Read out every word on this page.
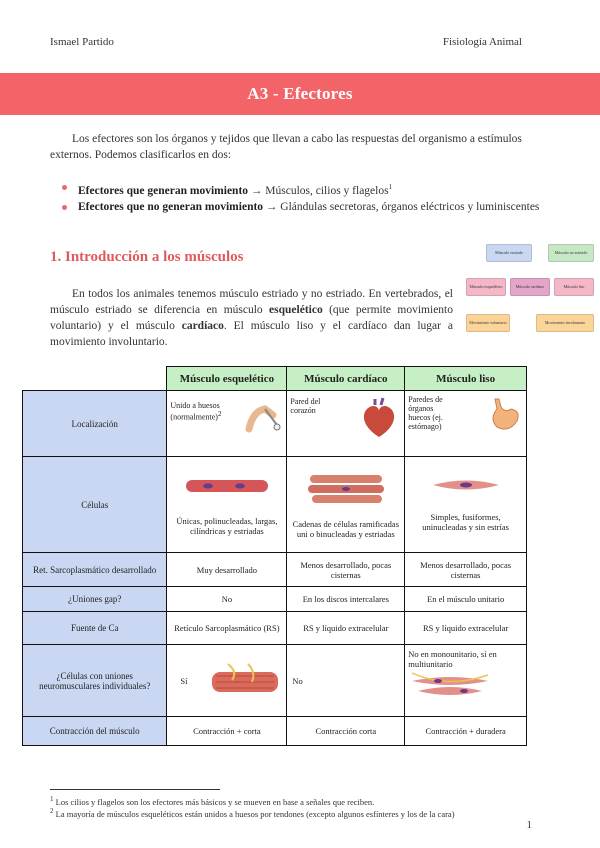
Ismael Partido	Fisiología Animal
A3 - Efectores

Los efectores son los órganos y tejidos que llevan a cabo las respuestas del organismo a estímulos externos. Podemos clasificarlos en dos:

Efectores que generan movimiento → Músculos, cilios y flagelos$^1$
Efectores que no generan movimiento → Glándulas secretoras, órganos eléctricos y luminiscentes
1. Introducción a los músculos

En todos los animales tenemos músculo estriado y no estriado. En vertebrados, el músculo estriado se diferencia en músculo esquelético (que permite movimiento voluntario) y el músculo cardíaco. El músculo liso y el cardíaco dan lugar a movimiento involuntario.

Músculo estriado	Músculo no estriado
Músculo esquelético	Músculo cardíaco	Músculo liso
Movimiento voluntario	Movimiento involuntario
	Músculo esquelético	Músculo cardíaco	Músculo liso
Localización	Unido a huesos (normalmente)$^2$	Pared del corazón	Paredes de órganos huecos (ej. estómago)

Células	Únicas, polinucleadas, largas, cilíndricas y estriadas	Cadenas de células ramificadas uni o binucleadas y estriadas	Simples, fusiformes, uninucleadas y sin estrías

Ret. Sarcoplasmático desarrollado	Muy desarrollado	Menos desarrollado, pocas cisternas	Menos desarrollado, pocas cisternas
¿Uniones gap?	No	En los discos intercalares	En el músculo unitario
Fuente de Ca	Retículo Sarcoplasmático (RS)	RS y líquido extracelular	RS y líquido extracelular
¿Células con uniones neuromusculares individuales?	Sí	No	No en monounitario, sí en multiunitario

Contracción del músculo	Contracción + corta	Contracción corta	Contracción + duradera
$^1$ Los cilios y flagelos son los efectores más básicos y se mueven en base a señales que reciben.
$^2$ La mayoría de músculos esqueléticos están unidos a huesos por tendones (excepto algunos esfínteres y los de la cara)
1
